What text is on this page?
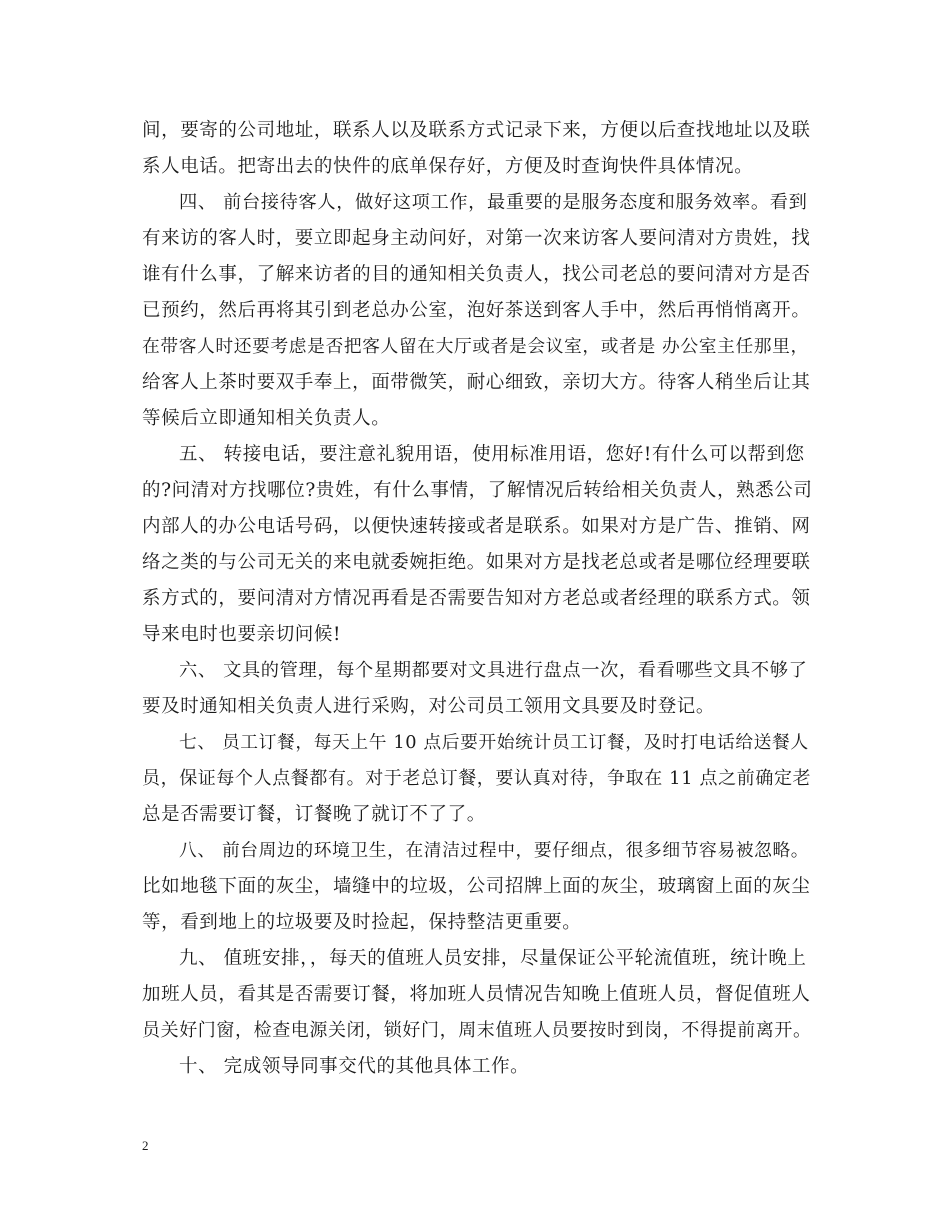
间，要寄的公司地址，联系人以及联系方式记录下来，方便以后查找地址以及联
系人电话。把寄出去的快件的底单保存好，方便及时查询快件具体情况。
四、 前台接待客人，做好这项工作，最重要的是服务态度和服务效率。看到
有来访的客人时，要立即起身主动问好，对第一次来访客人要问清对方贵姓，找
谁有什么事，了解来访者的目的通知相关负责人，找公司老总的要问清对方是否
已预约，然后再将其引到老总办公室，泡好茶送到客人手中，然后再悄悄离开。
在带客人时还要考虑是否把客人留在大厅或者是会议室，或者是 办公室主任那里，
给客人上茶时要双手奉上，面带微笑，耐心细致，亲切大方。待客人稍坐后让其
等候后立即通知相关负责人。
五、 转接电话，要注意礼貌用语，使用标准用语，您好!有什么可以帮到您
的?问清对方找哪位?贵姓，有什么事情，了解情况后转给相关负责人，熟悉公司
内部人的办公电话号码，以便快速转接或者是联系。如果对方是广告、推销、网
络之类的与公司无关的来电就委婉拒绝。如果对方是找老总或者是哪位经理要联
系方式的，要问清对方情况再看是否需要告知对方老总或者经理的联系方式。领
导来电时也要亲切问候!
六、 文具的管理，每个星期都要对文具进行盘点一次，看看哪些文具不够了
要及时通知相关负责人进行采购，对公司员工领用文具要及时登记。
七、 员工订餐，每天上午 10 点后要开始统计员工订餐，及时打电话给送餐人
员，保证每个人点餐都有。对于老总订餐，要认真对待，争取在 11 点之前确定老
总是否需要订餐，订餐晚了就订不了了。
八、 前台周边的环境卫生，在清洁过程中，要仔细点，很多细节容易被忽略。
比如地毯下面的灰尘，墙缝中的垃圾，公司招牌上面的灰尘，玻璃窗上面的灰尘
等，看到地上的垃圾要及时捡起，保持整洁更重要。
九、 值班安排，，每天的值班人员安排，尽量保证公平轮流值班，统计晚上
加班人员，看其是否需要订餐，将加班人员情况告知晚上值班人员，督促值班人
员关好门窗，检查电源关闭，锁好门，周末值班人员要按时到岗，不得提前离开。
十、 完成领导同事交代的其他具体工作。
2
